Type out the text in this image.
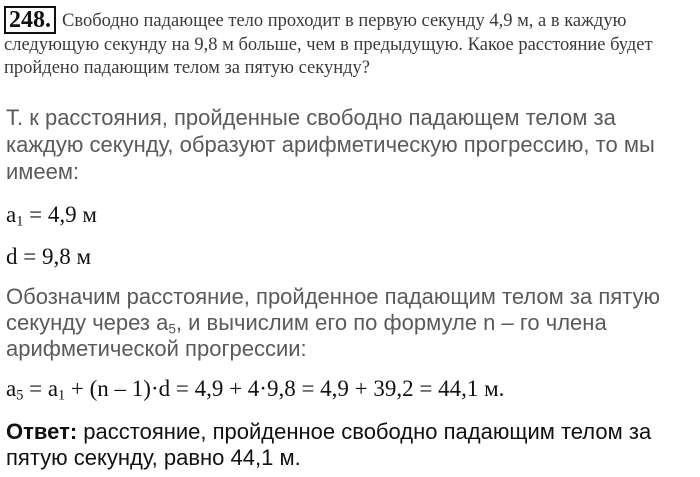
248. Свободно падающее тело проходит в первую секунду 4,9 м, а в каждую следующую секунду на 9,8 м больше, чем в предыдущую. Какое расстояние будет пройдено падающим телом за пятую секунду?
Т. к расстояния, пройденные свободно падающем телом за каждую секунду, образуют арифметическую прогрессию, то мы имеем:
$a_1 = 4,9$ м
d = 9,8 м
Обозначим расстояние, пройденное падающим телом за пятую секунду через $a_5$, и вычислим его по формуле n – го члена арифметической прогрессии:
$a_5 = a_1 + (n - 1)\cdot d = 4,9 + 4\cdot 9,8 = 4,9 + 39,2 = 44,1$ м.
Ответ: расстояние, пройденное свободно падающим телом за пятую секунду, равно 44,1 м.
